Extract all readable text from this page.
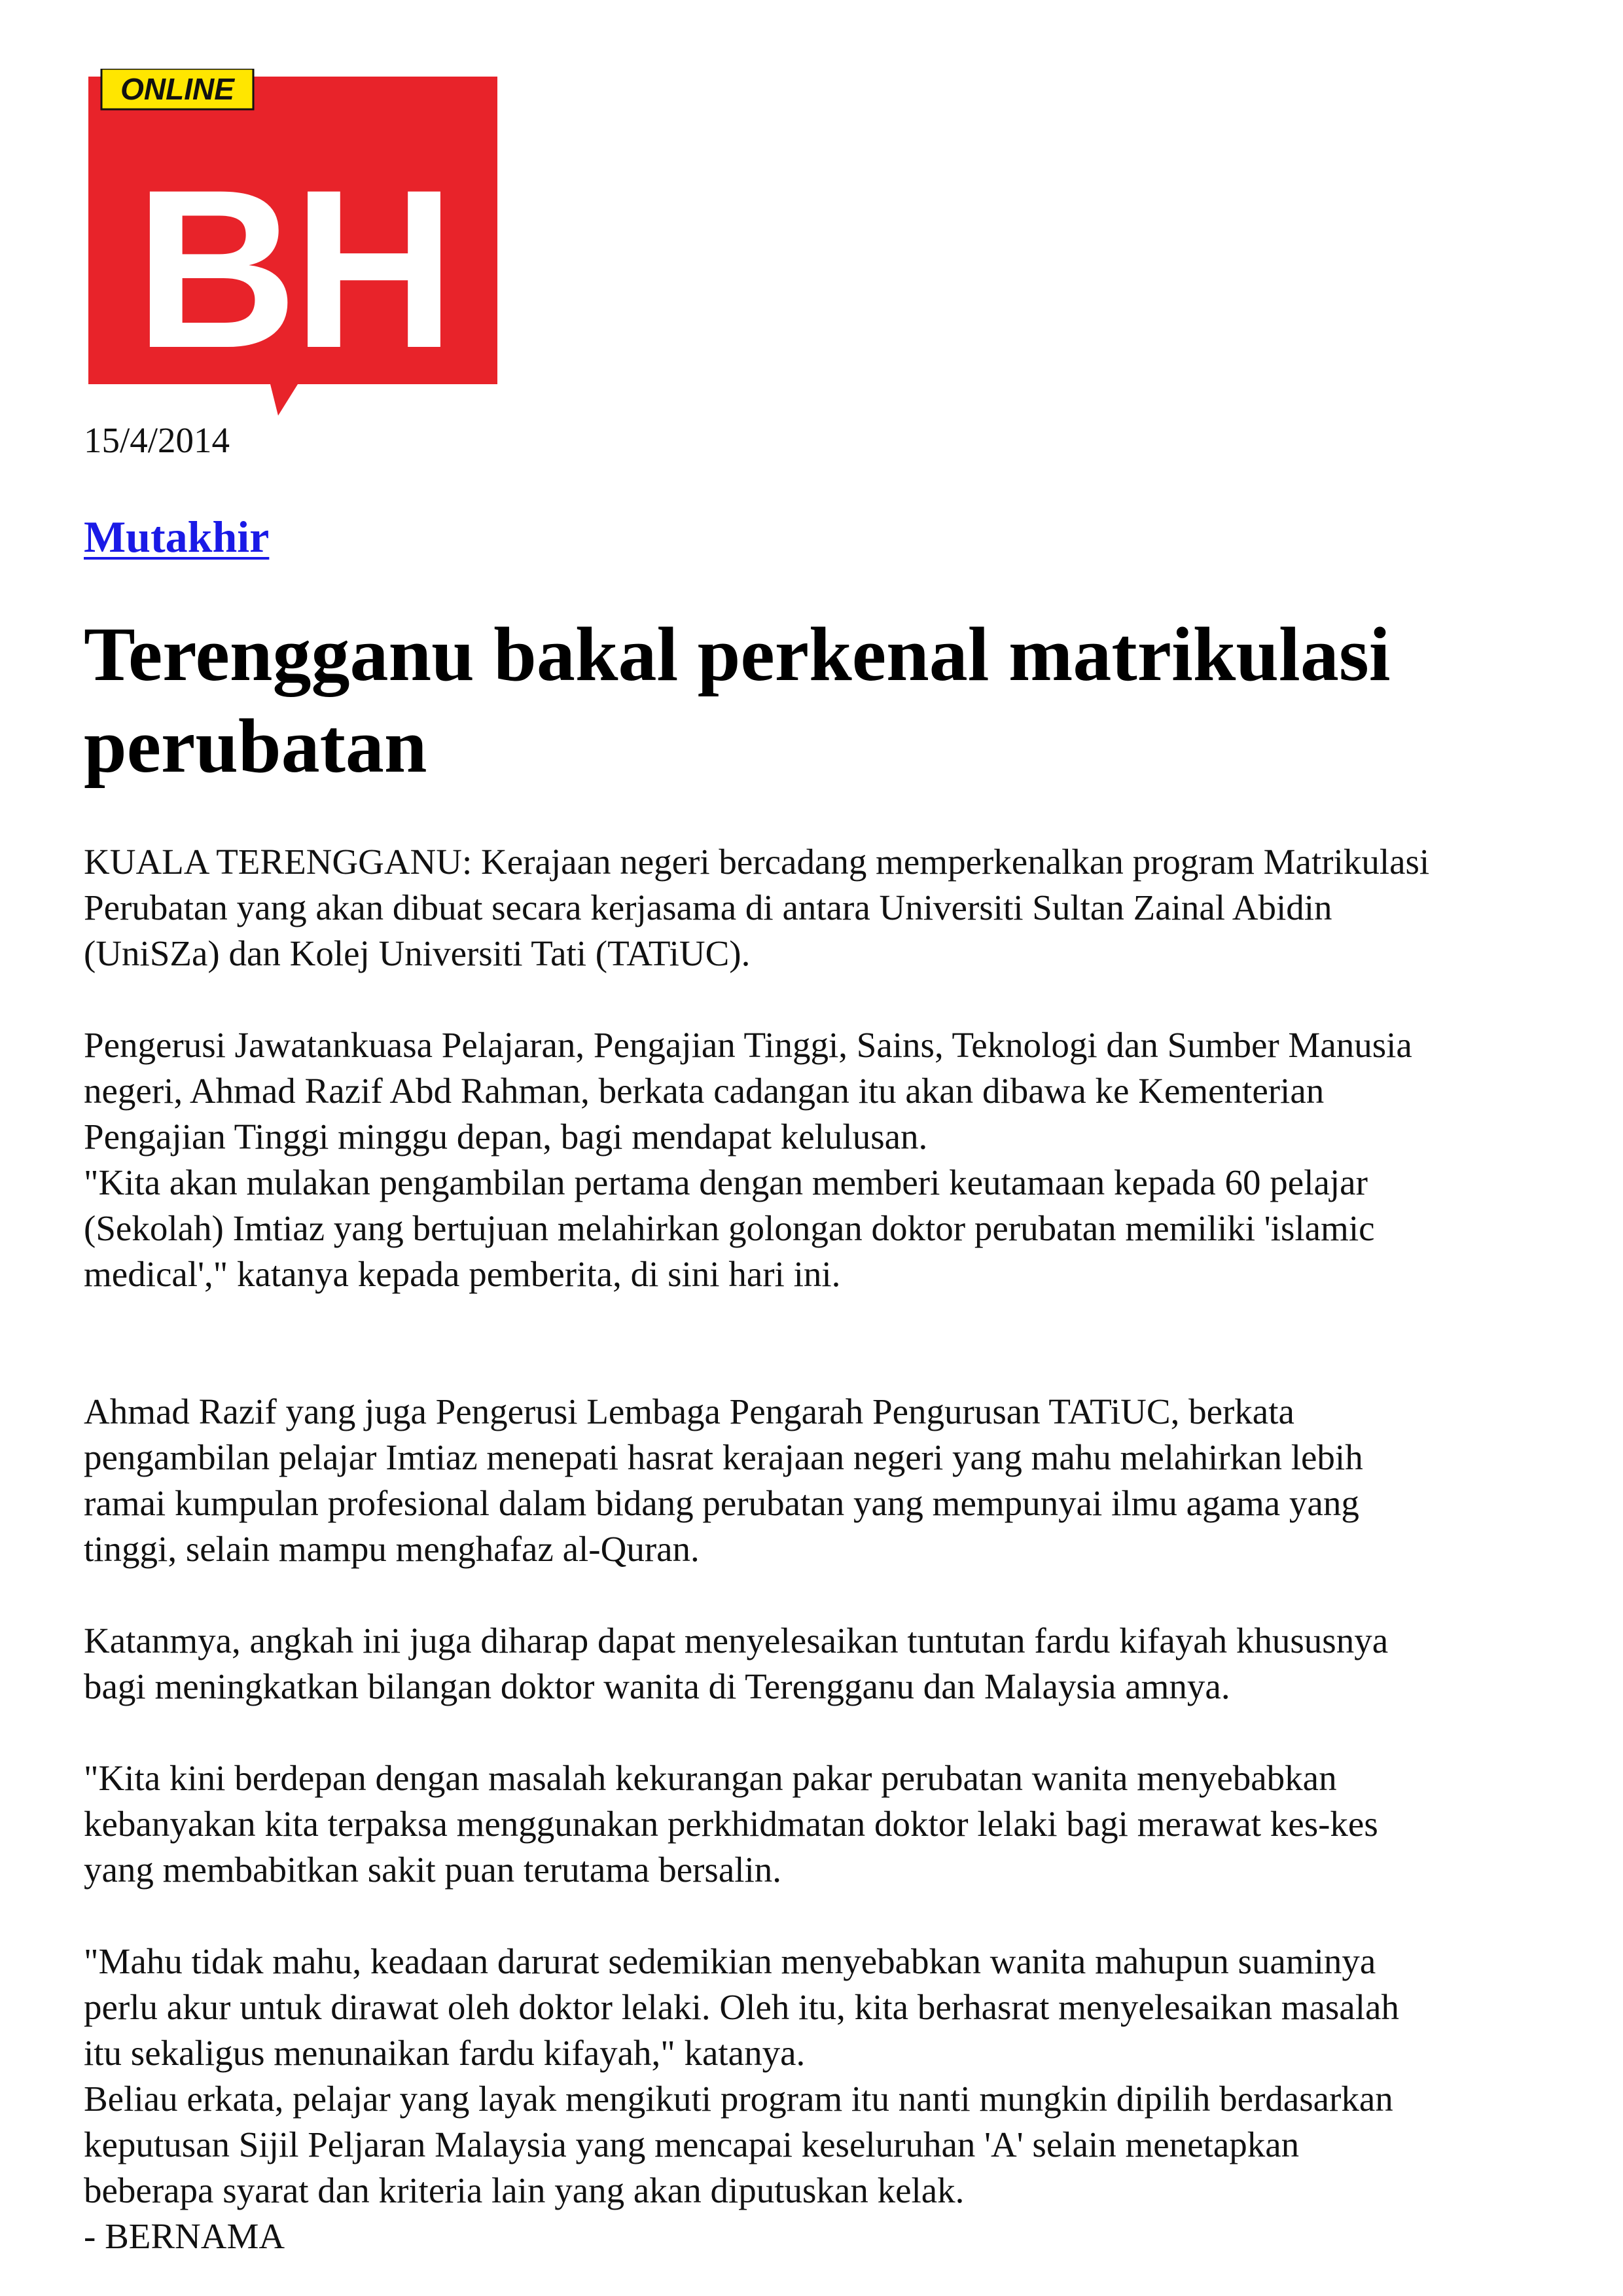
ONLINE
BH
15/4/2014
Mutakhir
Terengganu bakal perkenal matrikulasi
perubatan

KUALA TERENGGANU: Kerajaan negeri bercadang memperkenalkan program Matrikulasi
Perubatan yang akan dibuat secara kerjasama di antara Universiti Sultan Zainal Abidin
(UniSZa) dan Kolej Universiti Tati (TATiUC).

Pengerusi Jawatankuasa Pelajaran, Pengajian Tinggi, Sains, Teknologi dan Sumber Manusia
negeri, Ahmad Razif Abd Rahman, berkata cadangan itu akan dibawa ke Kementerian
Pengajian Tinggi minggu depan, bagi mendapat kelulusan.

"Kita akan mulakan pengambilan pertama dengan memberi keutamaan kepada 60 pelajar
(Sekolah) Imtiaz yang bertujuan melahirkan golongan doktor perubatan memiliki 'islamic
medical'," katanya kepada pemberita, di sini hari ini.

Ahmad Razif yang juga Pengerusi Lembaga Pengarah Pengurusan TATiUC, berkata
pengambilan pelajar Imtiaz menepati hasrat kerajaan negeri yang mahu melahirkan lebih
ramai kumpulan profesional dalam bidang perubatan yang mempunyai ilmu agama yang
tinggi, selain mampu menghafaz al-Quran.

Katanmya, angkah ini juga diharap dapat menyelesaikan tuntutan fardu kifayah khususnya
bagi meningkatkan bilangan doktor wanita di Terengganu dan Malaysia amnya.

"Kita kini berdepan dengan masalah kekurangan pakar perubatan wanita menyebabkan
kebanyakan kita terpaksa menggunakan perkhidmatan doktor lelaki bagi merawat kes-kes
yang membabitkan sakit puan terutama bersalin.

"Mahu tidak mahu, keadaan darurat sedemikian menyebabkan wanita mahupun suaminya
perlu akur untuk dirawat oleh doktor lelaki. Oleh itu, kita berhasrat menyelesaikan masalah
itu sekaligus menunaikan fardu kifayah," katanya.

Beliau erkata, pelajar yang layak mengikuti program itu nanti mungkin dipilih berdasarkan
keputusan Sijil Peljaran Malaysia yang mencapai keseluruhan 'A' selain menetapkan
beberapa syarat dan kriteria lain yang akan diputuskan kelak.

- BERNAMA
